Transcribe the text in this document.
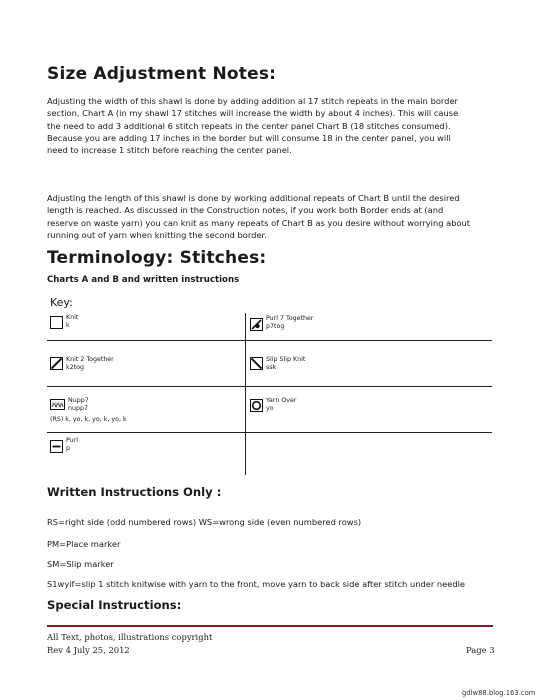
Size Adjustment Notes:
Adjusting the width of this shawl is done by adding addition al 17 stitch repeats in the main border
section, Chart A (in my shawl 17 stitches will increase the width by about 4 inches). This will cause
the need to add 3 additional 6 stitch repeats in the center panel Chart B (18 stitches consumed).
Because you are adding 17 inches in the border but will consume 18 in the center panel, you will
need to increase 1 stitch before reaching the center panel.
Adjusting the length of this shawl is done by working additional repeats of Chart B until the desired
length is reached. As discussed in the Construction notes, if you work both Border ends at (and
reserve on waste yarn) you can knit as many repeats of Chart B as you desire without worrying about
running out of yarn when knitting the second border.
Terminology: Stitches:
Charts A and B and written instructions
Key:
Knit
k
Purl 7 Together
p7tog
Knit 2 Together
k2tog
Slip Slip Knit
ssk
Nupp7
nupp7
(RS) k, yo, k, yo, k, yo, k
Yarn Over
yo
Purl
p
Written Instructions Only :
RS=right side (odd numbered rows) WS=wrong side (even numbered rows)
PM=Place marker
SM=Slip marker
S1wyif=slip 1 stitch knitwise with yarn to the front, move yarn to back side after stitch under needle
Special Instructions:
All Text, photos, illustrations copyright
Rev 4 July 25, 2012	Page 3
gdlw88.blog.163.com
